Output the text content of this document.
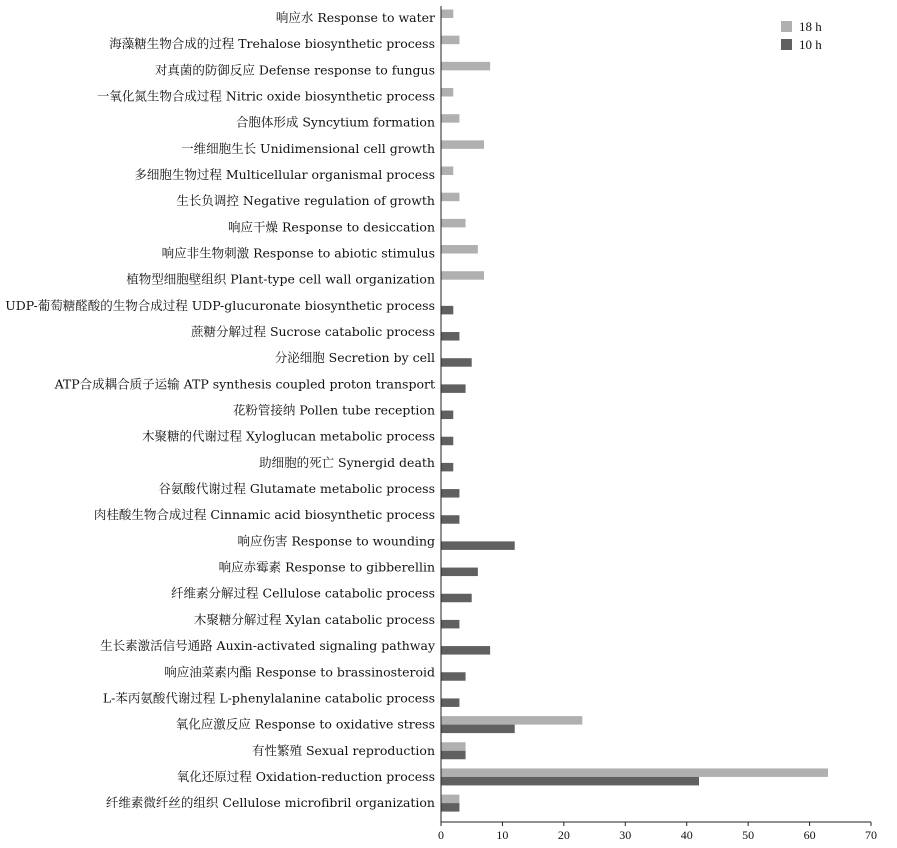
响应水 Response to water
海藻糖生物合成的过程 Trehalose biosynthetic process
对真菌的防御反应 Defense response to fungus
一氧化氮生物合成过程 Nitric oxide biosynthetic process
合胞体形成 Syncytium formation
一维细胞生长 Unidimensional cell growth
多细胞生物过程 Multicellular organismal process
生长负调控 Negative regulation of growth
响应干燥 Response to desiccation
响应非生物刺激 Response to abiotic stimulus
植物型细胞壁组织 Plant-type cell wall organization
UDP-葡萄糖醛酸的生物合成过程 UDP-glucuronate biosynthetic process
蔗糖分解过程 Sucrose catabolic process
分泌细胞 Secretion by cell
ATP合成耦合质子运输 ATP synthesis coupled proton transport
花粉管接纳 Pollen tube reception
木聚糖的代谢过程 Xyloglucan metabolic process
助细胞的死亡 Synergid death
谷氨酸代谢过程 Glutamate metabolic process
肉桂酸生物合成过程 Cinnamic acid biosynthetic process
响应伤害 Response to wounding
响应赤霉素 Response to gibberellin
纤维素分解过程 Cellulose catabolic process
木聚糖分解过程 Xylan catabolic process
生长素激活信号通路 Auxin-activated signaling pathway
响应油菜素内酯 Response to brassinosteroid
L-苯丙氨酸代谢过程 L-phenylalanine catabolic process
氧化应激反应 Response to oxidative stress
有性繁殖 Sexual reproduction
氧化还原过程 Oxidation-reduction process
纤维素微纤丝的组织 Cellulose microfibril organization
0	10	20	30	40	50	60	70
18 h
10 h
